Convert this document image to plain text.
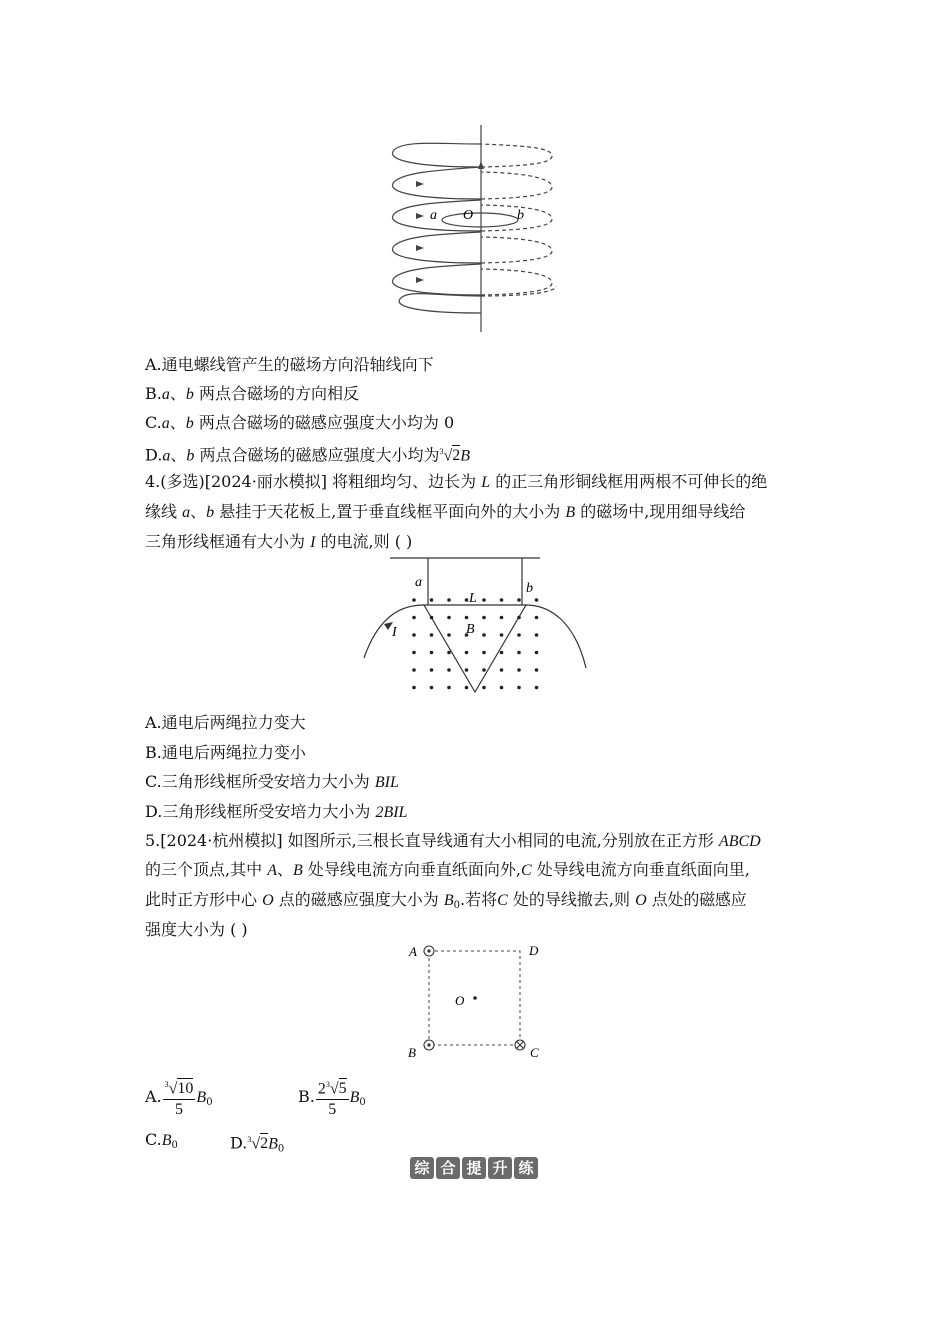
a O	b
A.通电螺线管产生的磁场方向沿轴线向下
B.a、b 两点合磁场的方向相反
C.a、b 两点合磁场的磁感应强度大小均为 0
D.a、b 两点合磁场的磁感应强度大小均为$^3$√2B
4.(多选)[2024·丽水模拟] 将粗细均匀、边长为 L 的正三角形铜线框用两根不可伸长的绝
缘线 a、b 悬挂于天花板上,置于垂直线框平面向外的大小为 B 的磁场中,现用细导线给
三角形线框通有大小为 I 的电流,则 ( )
a	b
L
B
I
A.通电后两绳拉力变大
B.通电后两绳拉力变小
C.三角形线框所受安培力大小为 BIL
D.三角形线框所受安培力大小为 2BIL
5.[2024·杭州模拟] 如图所示,三根长直导线通有大小相同的电流,分别放在正方形 ABCD
的三个顶点,其中 A、B 处导线电流方向垂直纸面向外,C 处导线电流方向垂直纸面向里,
此时正方形中心 O 点的磁感应强度大小为 $B_0$.若将C 处的导线撤去,则 O 点处的磁感应
强度大小为 ( )
A	D
O
B	C
A. $\frac{^3√10}{5} B_0$	B. $\frac{2^3√5}{5} B_0$
$C.B_0$	$D.^3√2B_0$
综 合 提 升 练
